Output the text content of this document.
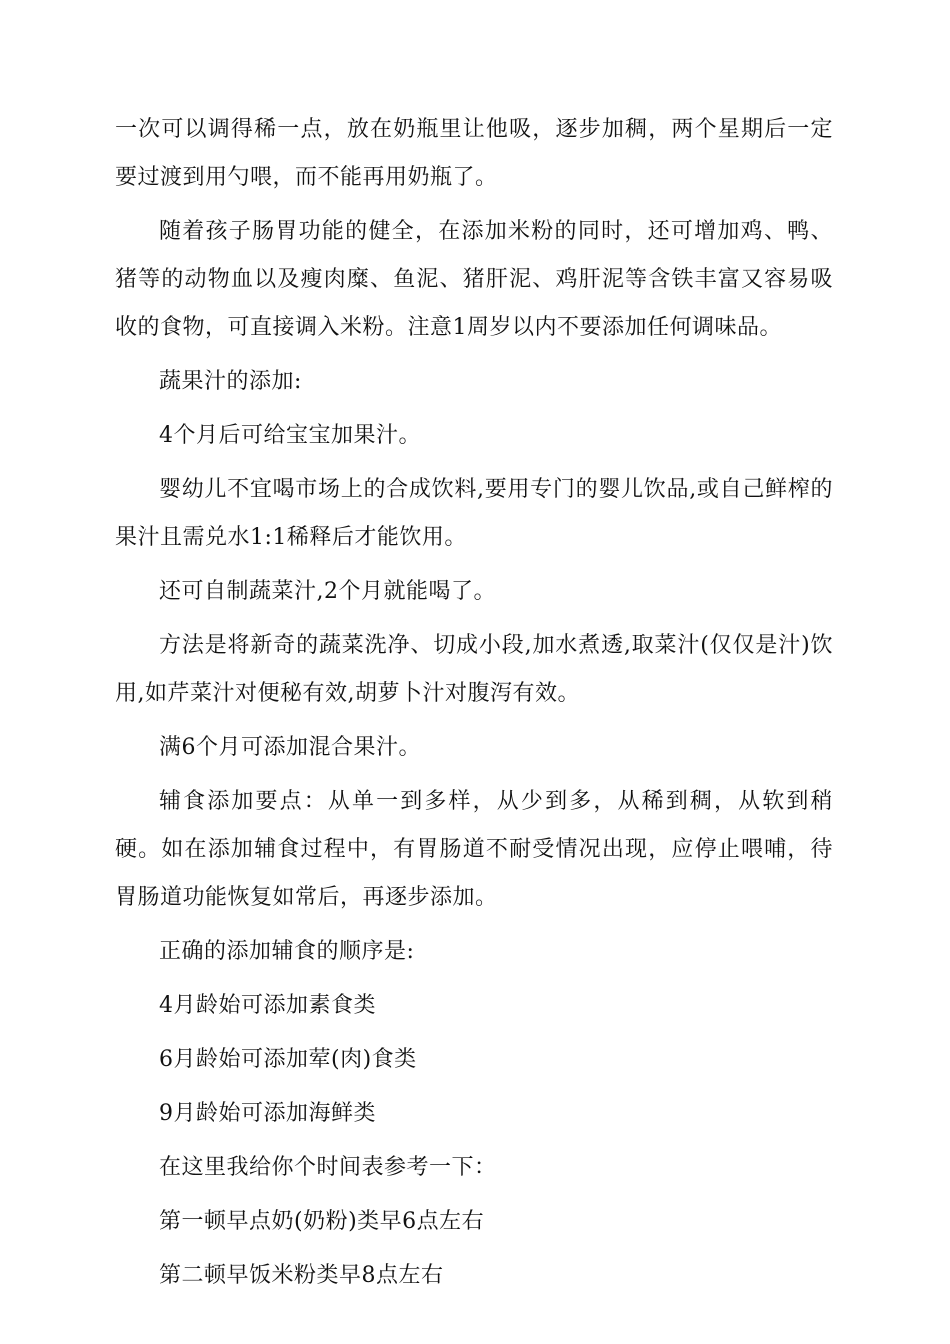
一次可以调得稀一点，放在奶瓶里让他吸，逐步加稠，两个星期后一定要过渡到用勺喂，而不能再用奶瓶了。

随着孩子肠胃功能的健全，在添加米粉的同时，还可增加鸡、鸭、猪等的动物血以及瘦肉糜、鱼泥、猪肝泥、鸡肝泥等含铁丰富又容易吸收的食物，可直接调入米粉。注意1周岁以内不要添加任何调味品。

蔬果汁的添加:

4个月后可给宝宝加果汁。

婴幼儿不宜喝市场上的合成饮料,要用专门的婴儿饮品,或自己鲜榨的果汁且需兑水1:1稀释后才能饮用。

还可自制蔬菜汁,2个月就能喝了。

方法是将新奇的蔬菜洗净、切成小段,加水煮透,取菜汁(仅仅是汁)饮用,如芹菜汁对便秘有效,胡萝卜汁对腹泻有效。

满6个月可添加混合果汁。

辅食添加要点：从单一到多样，从少到多，从稀到稠，从软到稍硬。如在添加辅食过程中，有胃肠道不耐受情况出现，应停止喂哺，待胃肠道功能恢复如常后，再逐步添加。

正确的添加辅食的顺序是:

4月龄始可添加素食类

6月龄始可添加荤(肉)食类

9月龄始可添加海鲜类

在这里我给你个时间表参考一下：

第一顿早点奶(奶粉)类早6点左右

第二顿早饭米粉类早8点左右
